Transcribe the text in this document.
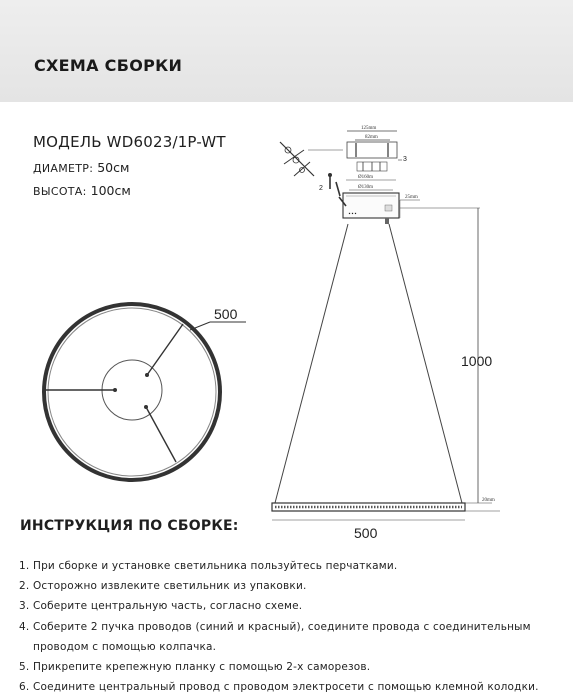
СХЕМА СБОРКИ
МОДЕЛЬ WD6023/1P-WT
ДИАМЕТР: 50см
ВЫСОТА: 100см
500
125mm
82mm
3
Ø160m
Ø130m
▪▪▪
25mm
2
1000
20mm
500
ИНСТРУКЦИЯ ПО СБОРКЕ:
1. При сборке и установке светильника пользуйтесь перчатками.
2. Осторожно извлеките светильник из упаковки.
3. Соберите центральную часть, согласно схеме.
4. Соберите 2 пучка проводов (синий и красный), соедините провода с соединительным
проводом с помощью колпачка.
5. Прикрепите крепежную планку с помощью 2-х саморезов.
6. Соедините центральный провод с проводом электросети с помощью клемной колодки.
